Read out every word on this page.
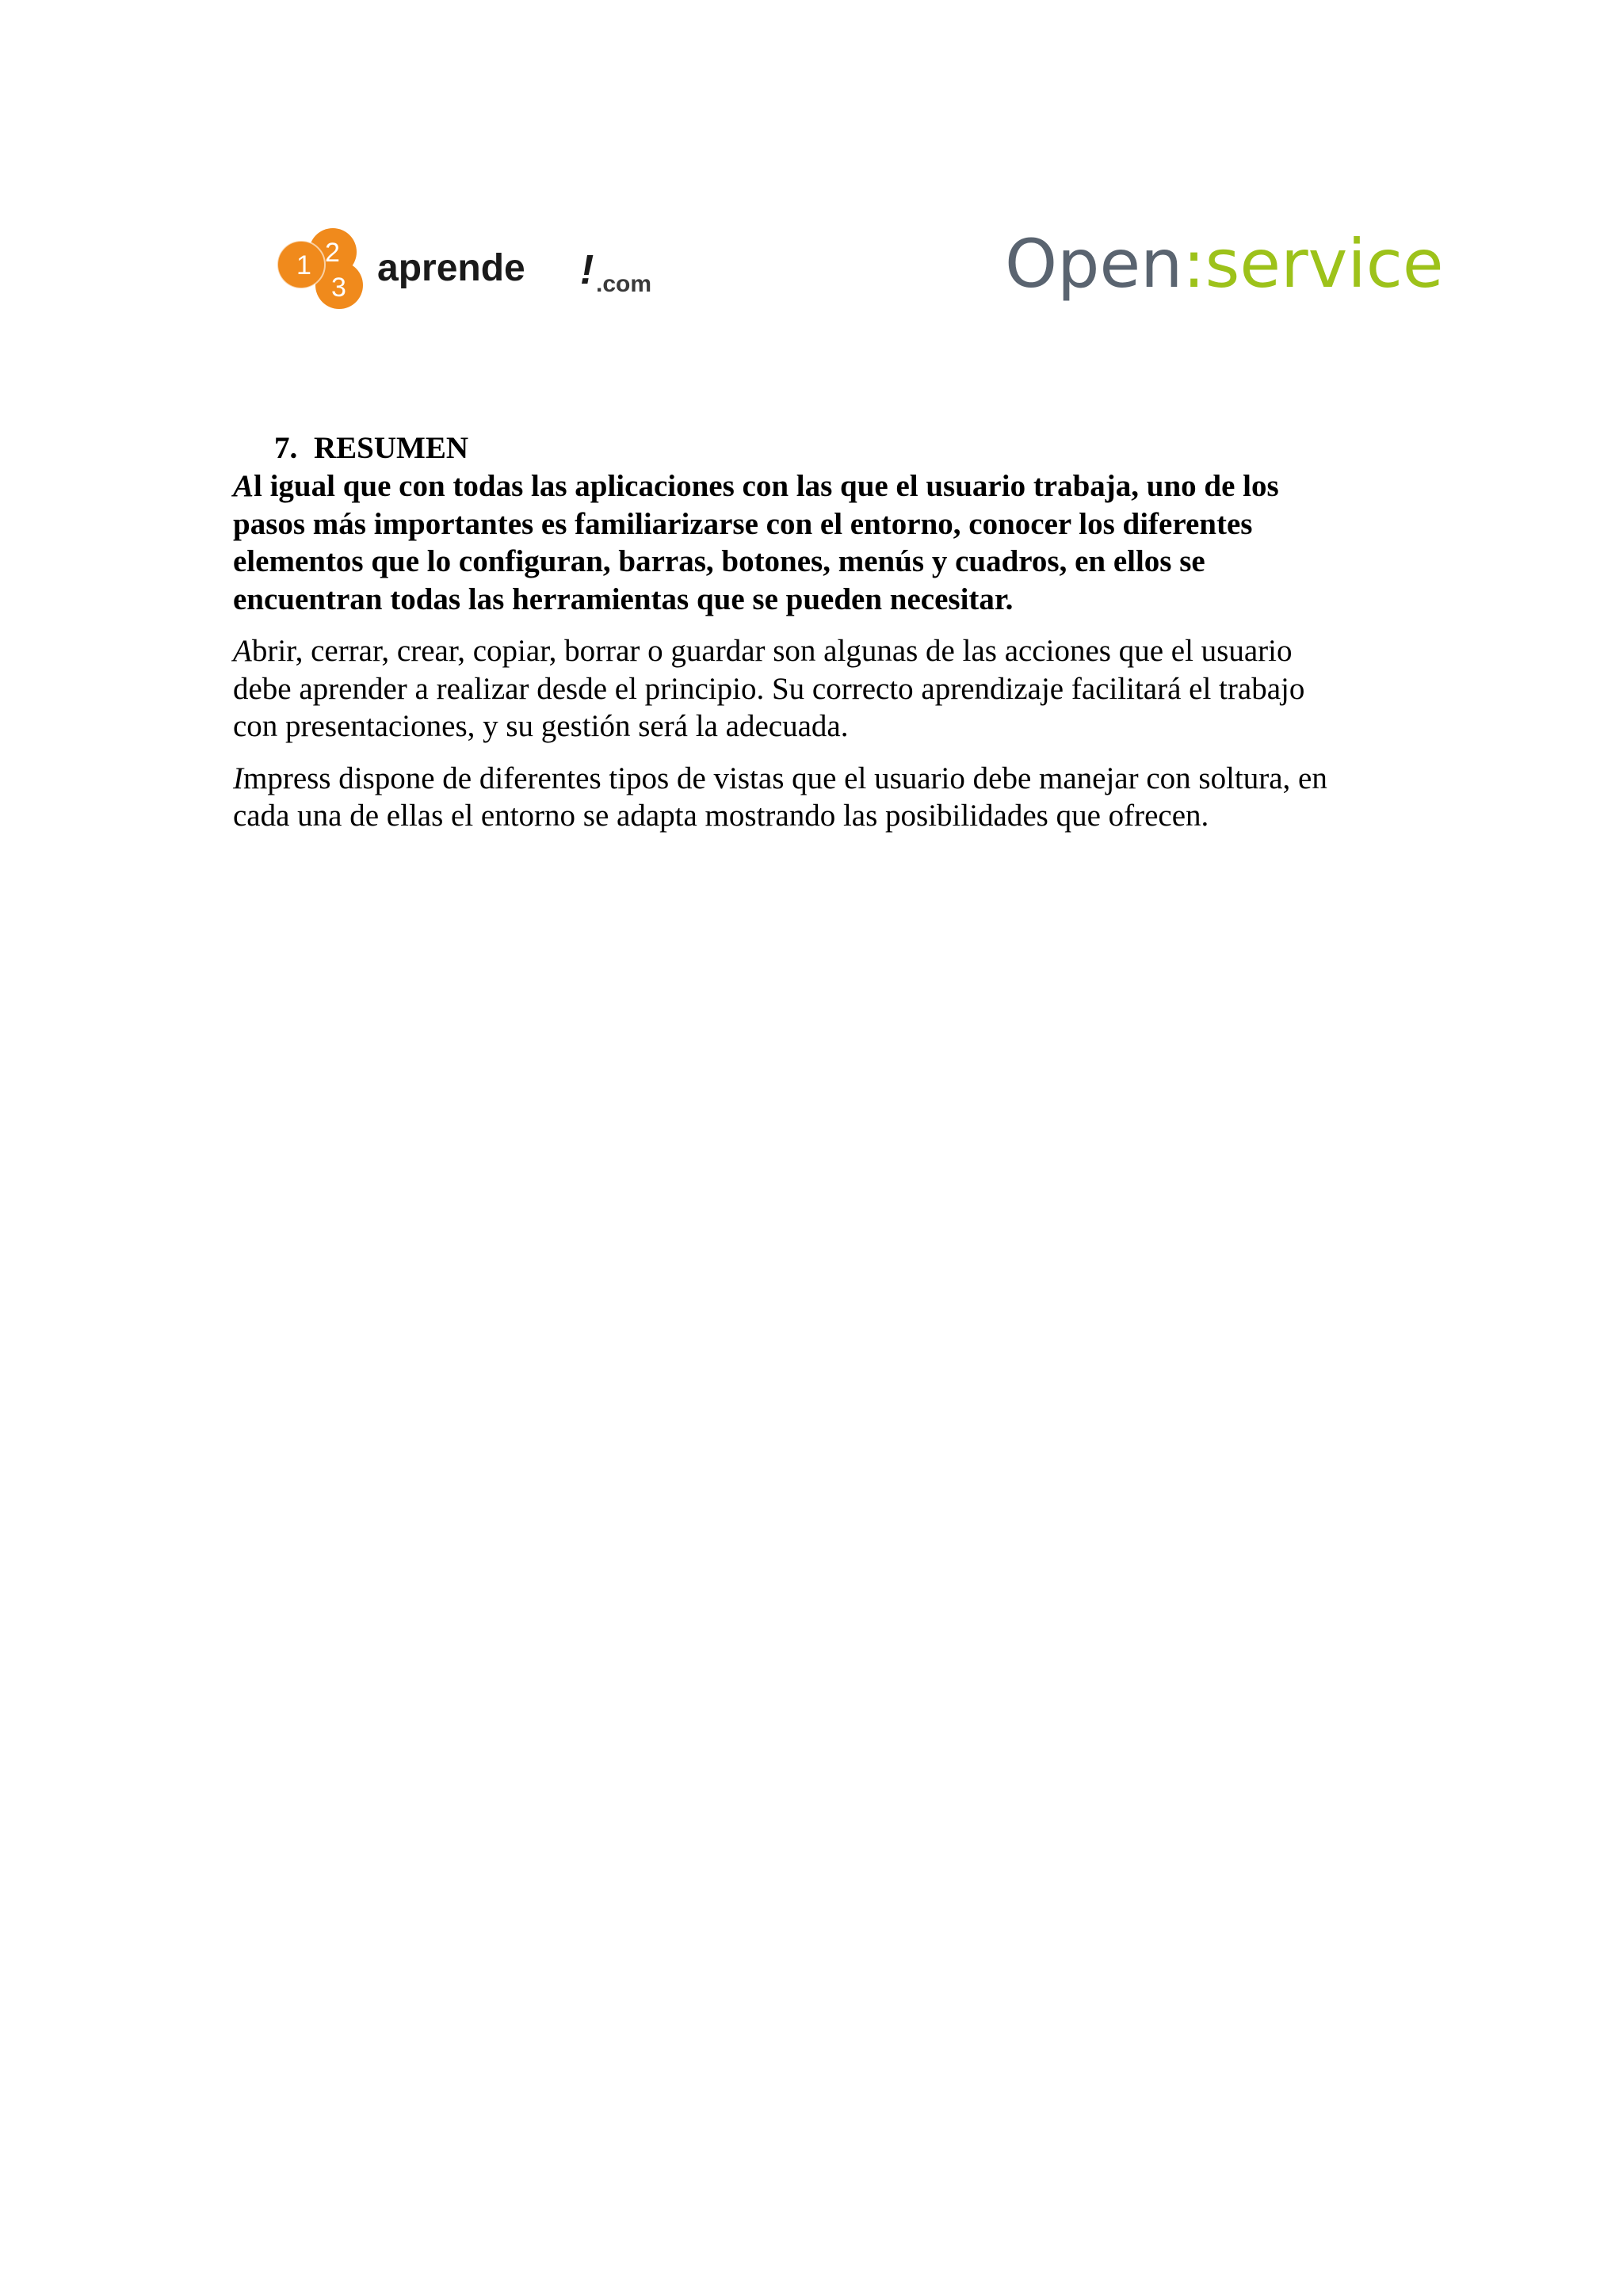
1 2
3 aprende ! .com	Open:service
7. RESUMEN

Al igual que con todas las aplicaciones con las que el usuario trabaja, uno de los
pasos más importantes es familiarizarse con el entorno, conocer los diferentes
elementos que lo configuran, barras, botones, menús y cuadros, en ellos se
encuentran todas las herramientas que se pueden necesitar.

Abrir, cerrar, crear, copiar, borrar o guardar son algunas de las acciones que el usuario
debe aprender a realizar desde el principio. Su correcto aprendizaje facilitará el trabajo
con presentaciones, y su gestión será la adecuada.

Impress dispone de diferentes tipos de vistas que el usuario debe manejar con soltura, en
cada una de ellas el entorno se adapta mostrando las posibilidades que ofrecen.
